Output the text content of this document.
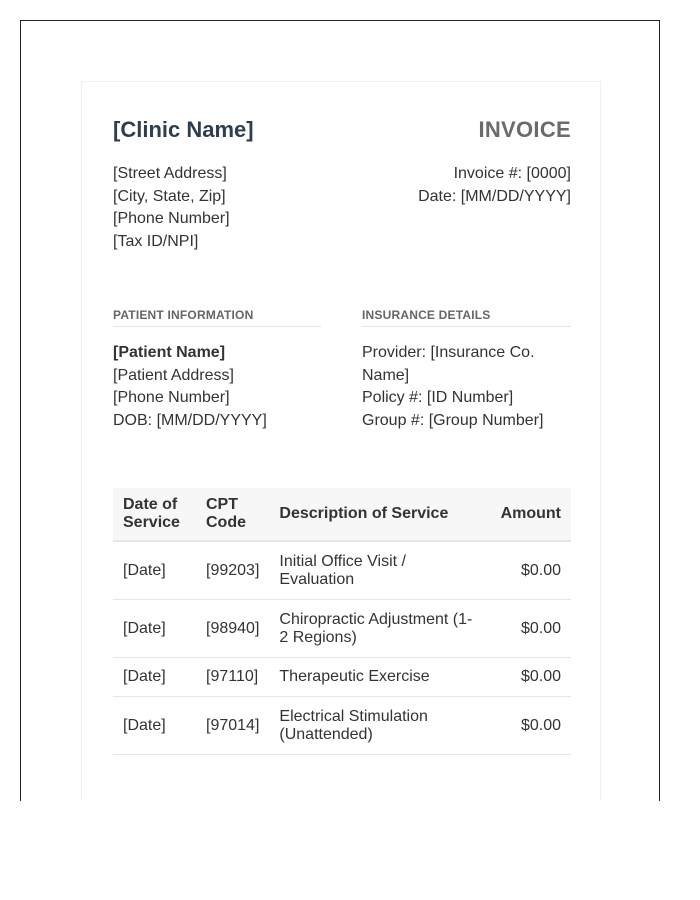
[Clinic Name]	INVOICE
[Street Address]
[City, State, Zip]
[Phone Number]
[Tax ID/NPI]
Invoice #: [0000]
Date: [MM/DD/YYYY]
PATIENT INFORMATION	INSURANCE DETAILS
[Patient Name]
[Patient Address]
[Phone Number]
DOB: [MM/DD/YYYY]
Provider: [Insurance Co.
Name]
Policy #: [ID Number]
Group #: [Group Number]
Date of Service	CPT Code	Description of Service	Amount
[Date]	[99203]	Initial Office Visit / Evaluation	$0.00
[Date]	[98940]	Chiropractic Adjustment (1-2 Regions)	$0.00
[Date]	[97110]	Therapeutic Exercise	$0.00
[Date]	[97014]	Electrical Stimulation (Unattended)	$0.00
